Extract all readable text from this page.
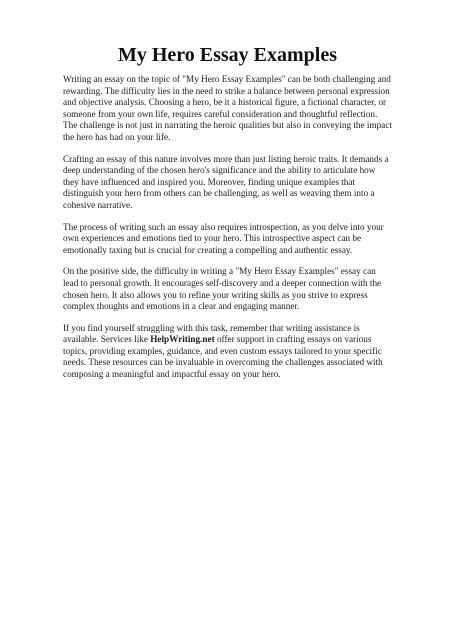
My Hero Essay Examples

Writing an essay on the topic of "My Hero Essay Examples" can be both challenging and rewarding. The difficulty lies in the need to strike a balance between personal expression and objective analysis. Choosing a hero, be it a historical figure, a fictional character, or someone from your own life, requires careful consideration and thoughtful reflection. The challenge is not just in narrating the heroic qualities but also in conveying the impact the hero has had on your life.

Crafting an essay of this nature involves more than just listing heroic traits. It demands a deep understanding of the chosen hero's significance and the ability to articulate how they have influenced and inspired you. Moreover, finding unique examples that distinguish your hero from others can be challenging, as well as weaving them into a cohesive narrative.

The process of writing such an essay also requires introspection, as you delve into your own experiences and emotions tied to your hero. This introspective aspect can be emotionally taxing but is crucial for creating a compelling and authentic essay.

On the positive side, the difficulty in writing a "My Hero Essay Examples" essay can lead to personal growth. It encourages self-discovery and a deeper connection with the chosen hero. It also allows you to refine your writing skills as you strive to express complex thoughts and emotions in a clear and engaging manner.

If you find yourself struggling with this task, remember that writing assistance is available. Services like HelpWriting.net offer support in crafting essays on various topics, providing examples, guidance, and even custom essays tailored to your specific needs. These resources can be invaluable in overcoming the challenges associated with composing a meaningful and impactful essay on your hero.
